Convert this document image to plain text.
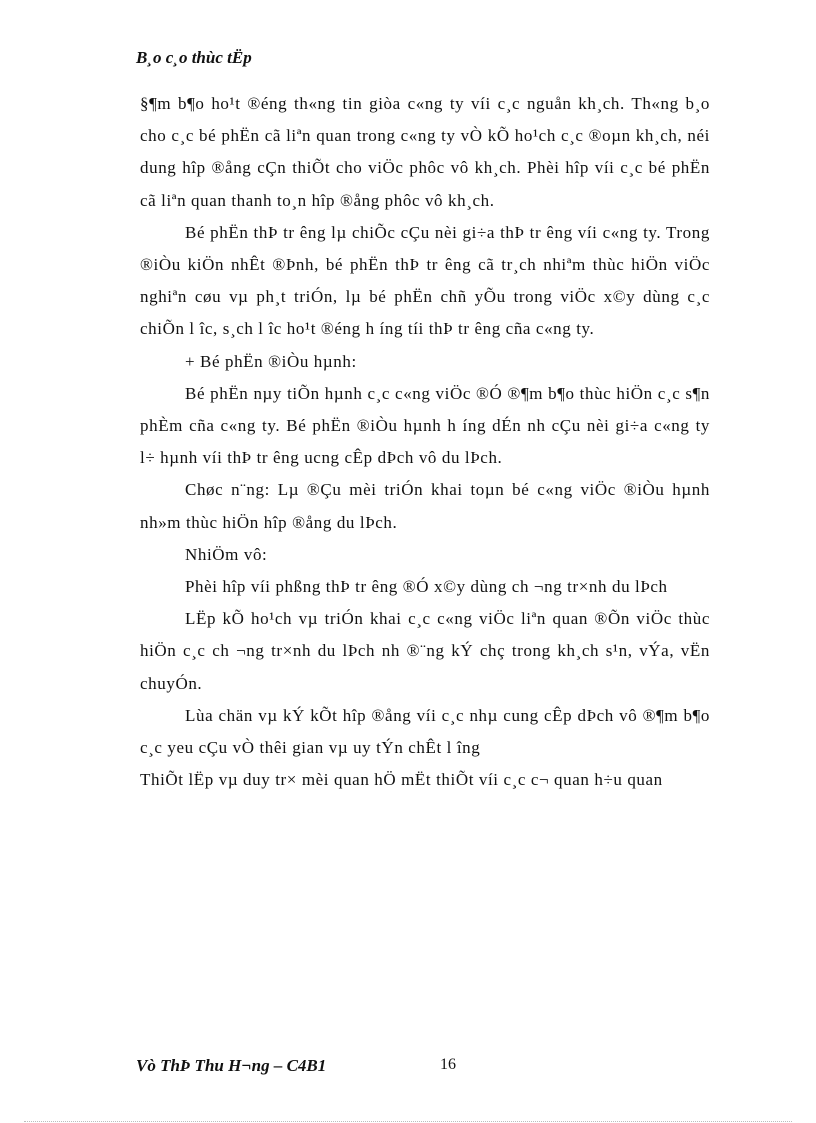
B¸o c¸o thùc tËp

§¶m b¶o ho¹t ®éng th«ng tin giòa c«ng ty víi c¸c nguån kh¸ch. Th«ng b¸o cho c¸c bé phËn cã liªn quan trong c«ng ty vÒ kÕ ho¹ch c¸c ®oµn kh¸ch, néi dung hîp ®ång cÇn thiÕt cho viÖc phôc vô kh¸ch. Phèi hîp víi c¸c bé phËn cã liªn quan thanh to¸n hîp ®ång phôc vô kh¸ch.

Bé phËn thÞ tr êng lµ chiÕc cÇu nèi gi÷a thÞ tr êng víi c«ng ty. Trong ®iÒu kiÖn nhÊt ®Þnh, bé phËn thÞ tr êng cã tr¸ch nhiªm thùc hiÖn viÖc nghiªn cøu vµ ph¸t triÓn, lµ bé phËn chñ yÕu trong viÖc x©y dùng c¸c chiÕn l îc, s¸ch l îc ho¹t ®éng h íng tíi thÞ tr êng cña c«ng ty.

+ Bé phËn ®iÒu hµnh:

Bé phËn nµy tiÕn hµnh c¸c c«ng viÖc ®Ó ®¶m b¶o thùc hiÖn c¸c s¶n phÈm cña c«ng ty. Bé phËn ®iÒu hµnh h íng dÉn nh cÇu nèi gi÷a c«ng ty l÷ hµnh víi thÞ tr êng ucng cÊp dÞch vô du lÞch.

Chøc n¨ng: Lµ ®Çu mèi triÓn khai toµn bé c«ng viÖc ®iÒu hµnh nh»m thùc hiÖn hîp ®ång du lÞch.

NhiÖm vô:

Phèi hîp víi phßng thÞ tr êng ®Ó x©y dùng ch ¬ng tr×nh du lÞch

LËp kÕ ho¹ch vµ triÓn khai c¸c c«ng viÖc liªn quan ®Õn viÖc thùc hiÖn c¸c ch ¬ng tr×nh du lÞch nh ®¨ng kÝ chç trong kh¸ch s¹n, vÝa, vËn chuyÓn.

Lùa chän vµ kÝ kÕt hîp ®ång víi c¸c nhµ cung cÊp dÞch vô ®¶m b¶o c¸c yeu cÇu vÒ thêi gian vµ uy tÝn chÊt l îng

ThiÕt lËp vµ duy tr× mèi quan hÖ mËt thiÕt víi c¸c c¬ quan h÷u quan

Vò ThÞ Thu H¬ng – C4B1	16
